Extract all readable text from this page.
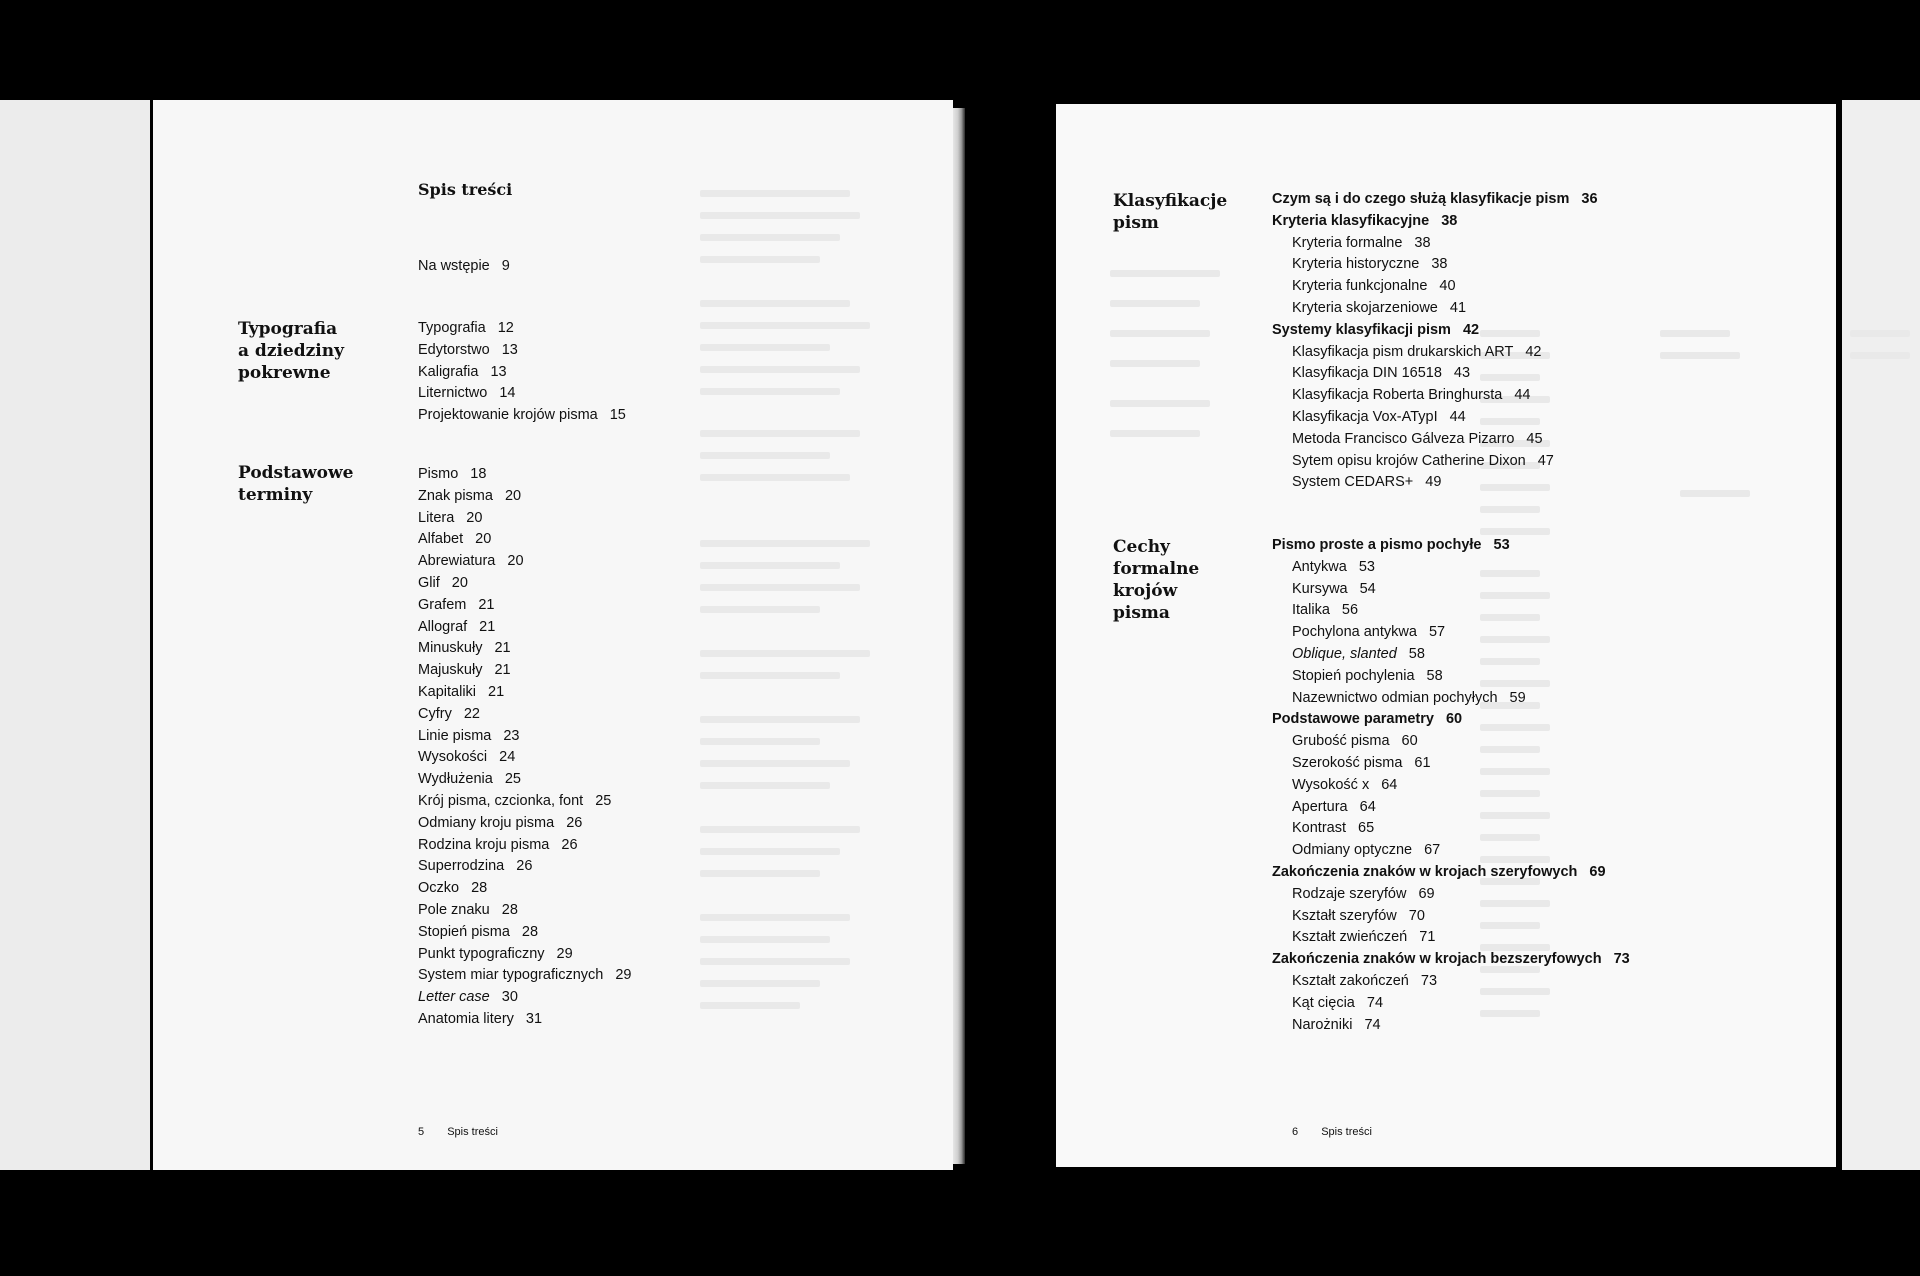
Spis treści
Na wstępie 9
Typografia
a dziedziny
pokrewne
Typografia 12
Edytorstwo 13
Kaligrafia 13
Liternictwo 14
Projektowanie krojów pisma 15
Podstawowe
terminy
Pismo 18
Znak pisma 20
Litera 20
Alfabet 20
Abrewiatura 20
Glif 20
Grafem 21
Allograf 21
Minuskuły 21
Majuskuły 21
Kapitaliki 21
Cyfry 22
Linie pisma 23
Wysokości 24
Wydłużenia 25
Krój pisma, czcionka, font 25
Odmiany kroju pisma 26
Rodzina kroju pisma 26
Superrodzina 26
Oczko 28
Pole znaku 28
Stopień pisma 28
Punkt typograficzny 29
System miar typograficznych 29
Letter case 30
Anatomia litery 31
5 Spis treści
Klasyfikacje
pism
Czym są i do czego służą klasyfikacje pism 36
Kryteria klasyfikacyjne 38
Kryteria formalne 38
Kryteria historyczne 38
Kryteria funkcjonalne 40
Kryteria skojarzeniowe 41
Systemy klasyfikacji pism 42
Klasyfikacja pism drukarskich ART 42
Klasyfikacja DIN 16518 43
Klasyfikacja Roberta Bringhursta 44
Klasyfikacja Vox-ATypI 44
Metoda Francisco Gálveza Pizarro 45
Sytem opisu krojów Catherine Dixon 47
System CEDARS+ 49
Cechy
formalne
krojów
pisma
Pismo proste a pismo pochyłe 53
Antykwa 53
Kursywa 54
Italika 56
Pochylona antykwa 57
Oblique, slanted 58
Stopień pochylenia 58
Nazewnictwo odmian pochyłych 59
Podstawowe parametry 60
Grubość pisma 60
Szerokość pisma 61
Wysokość x 64
Apertura 64
Kontrast 65
Odmiany optyczne 67
Zakończenia znaków w krojach szeryfowych 69
Rodzaje szeryfów 69
Kształt szeryfów 70
Kształt zwieńczeń 71
Zakończenia znaków w krojach bezszeryfowych 73
Kształt zakończeń 73
Kąt cięcia 74
Narożniki 74
6 Spis treści
